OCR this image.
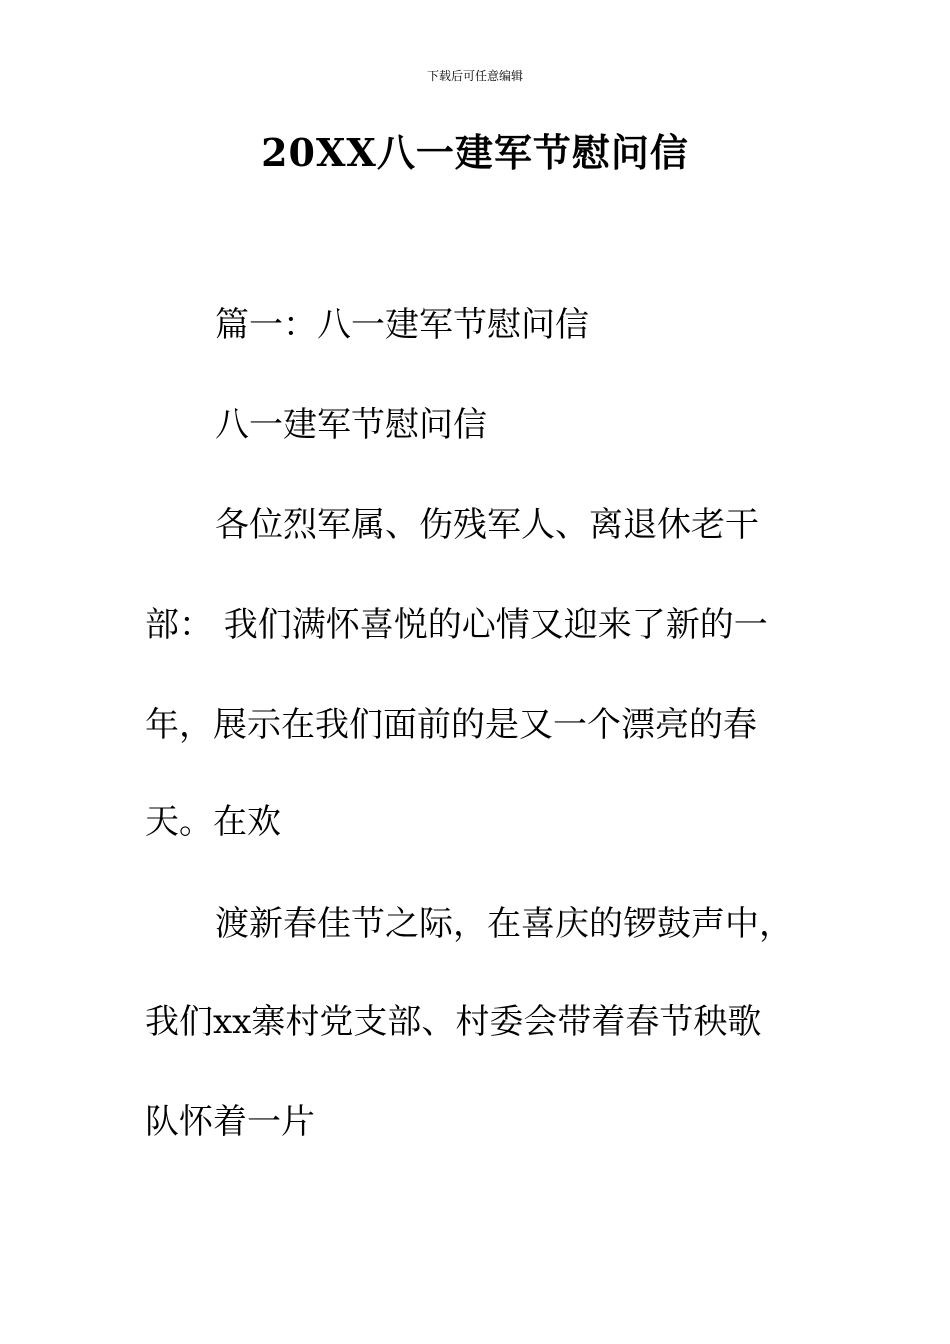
下载后可任意编辑
20XX八一建军节慰问信
篇一：八一建军节慰问信
八一建军节慰问信
各位烈军属、伤残军人、离退休老干
部： 我们满怀喜悦的心情又迎来了新的一
年，展示在我们面前的是又一个漂亮的春
天。在欢
渡新春佳节之际，在喜庆的锣鼓声中，
我们xx寨村党支部、村委会带着春节秧歌
队怀着一片
